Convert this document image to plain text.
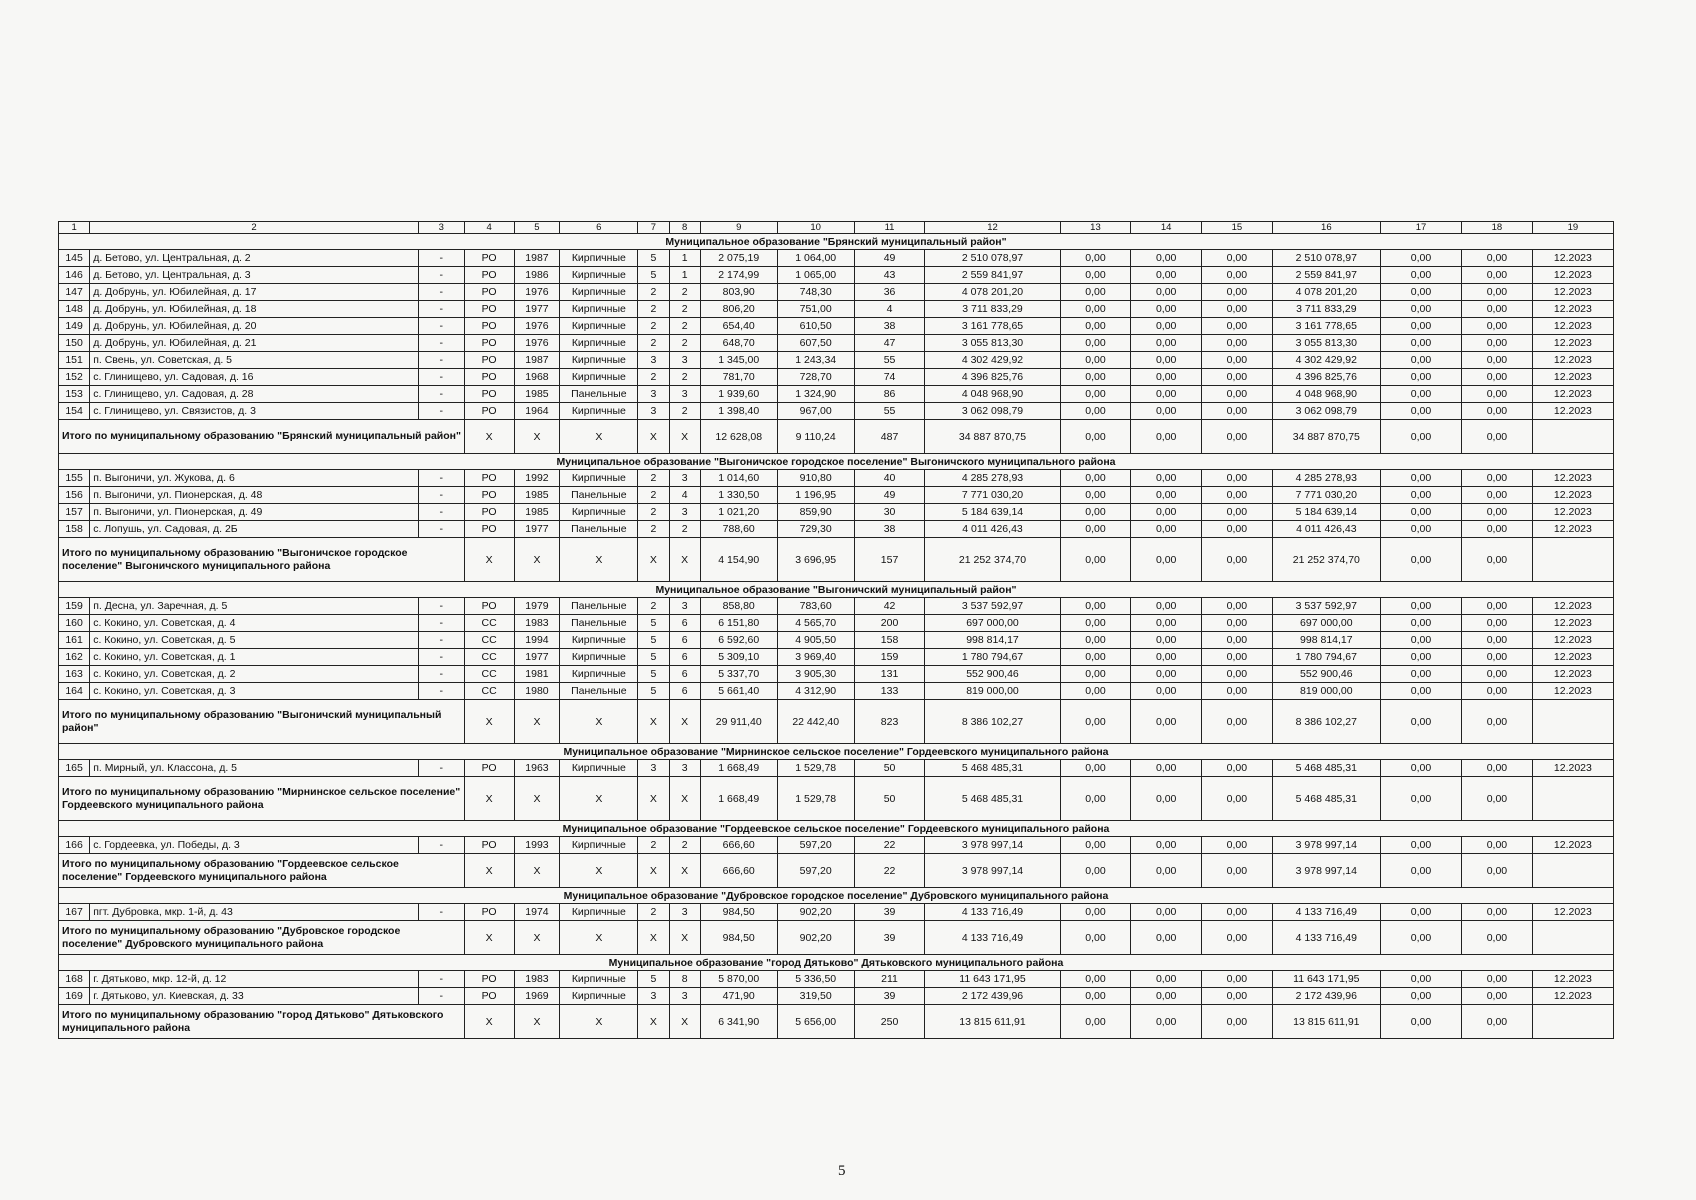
1	2	3	4	5	6	7	8	9	10	11	12	13	14	15	16	17	18	19
Муниципальное образование "Брянский муниципальный район"																		
145	д. Бетово, ул. Центральная, д. 2	-	РО	1987	Кирпичные	5	1	2 075,19	1 064,00	49	2 510 078,97	0,00	0,00	0,00	2 510 078,97	0,00	0,00	12.2023
146	д. Бетово, ул. Центральная, д. 3	-	РО	1986	Кирпичные	5	1	2 174,99	1 065,00	43	2 559 841,97	0,00	0,00	0,00	2 559 841,97	0,00	0,00	12.2023
147	д. Добрунь, ул. Юбилейная, д. 17	-	РО	1976	Кирпичные	2	2	803,90	748,30	36	4 078 201,20	0,00	0,00	0,00	4 078 201,20	0,00	0,00	12.2023
148	д. Добрунь, ул. Юбилейная, д. 18	-	РО	1977	Кирпичные	2	2	806,20	751,00	4	3 711 833,29	0,00	0,00	0,00	3 711 833,29	0,00	0,00	12.2023
149	д. Добрунь, ул. Юбилейная, д. 20	-	РО	1976	Кирпичные	2	2	654,40	610,50	38	3 161 778,65	0,00	0,00	0,00	3 161 778,65	0,00	0,00	12.2023
150	д. Добрунь, ул. Юбилейная, д. 21	-	РО	1976	Кирпичные	2	2	648,70	607,50	47	3 055 813,30	0,00	0,00	0,00	3 055 813,30	0,00	0,00	12.2023
151	п. Свень, ул. Советская, д. 5	-	РО	1987	Кирпичные	3	3	1 345,00	1 243,34	55	4 302 429,92	0,00	0,00	0,00	4 302 429,92	0,00	0,00	12.2023
152	с. Глинищево, ул. Садовая, д. 16	-	РО	1968	Кирпичные	2	2	781,70	728,70	74	4 396 825,76	0,00	0,00	0,00	4 396 825,76	0,00	0,00	12.2023
153	с. Глинищево, ул. Садовая, д. 28	-	РО	1985	Панельные	3	3	1 939,60	1 324,90	86	4 048 968,90	0,00	0,00	0,00	4 048 968,90	0,00	0,00	12.2023
154	с. Глинищево, ул. Связистов, д. 3	-	РО	1964	Кирпичные	3	2	1 398,40	967,00	55	3 062 098,79	0,00	0,00	0,00	3 062 098,79	0,00	0,00	12.2023
Итого по муниципальному образованию "Брянский муниципальный район"			X	X	X	X	X	12 628,08	9 110,24	487	34 887 870,75	0,00	0,00	0,00	34 887 870,75	0,00	0,00	
Муниципальное образование "Выгоничское городское поселение" Выгоничского муниципального района																		
155	п. Выгоничи, ул. Жукова, д. 6	-	РО	1992	Кирпичные	2	3	1 014,60	910,80	40	4 285 278,93	0,00	0,00	0,00	4 285 278,93	0,00	0,00	12.2023
156	п. Выгоничи, ул. Пионерская, д. 48	-	РО	1985	Панельные	2	4	1 330,50	1 196,95	49	7 771 030,20	0,00	0,00	0,00	7 771 030,20	0,00	0,00	12.2023
157	п. Выгоничи, ул. Пионерская, д. 49	-	РО	1985	Кирпичные	2	3	1 021,20	859,90	30	5 184 639,14	0,00	0,00	0,00	5 184 639,14	0,00	0,00	12.2023
158	с. Лопушь, ул. Садовая, д. 2Б	-	РО	1977	Панельные	2	2	788,60	729,30	38	4 011 426,43	0,00	0,00	0,00	4 011 426,43	0,00	0,00	12.2023
Итого по муниципальному образованию "Выгоничское городское поселение" Выгоничского муниципального района			X	X	X	X	X	4 154,90	3 696,95	157	21 252 374,70	0,00	0,00	0,00	21 252 374,70	0,00	0,00	
Муниципальное образование "Выгоничский муниципальный район"																		
159	п. Десна, ул. Заречная, д. 5	-	РО	1979	Панельные	2	3	858,80	783,60	42	3 537 592,97	0,00	0,00	0,00	3 537 592,97	0,00	0,00	12.2023
160	с. Кокино, ул. Советская, д. 4	-	СС	1983	Панельные	5	6	6 151,80	4 565,70	200	697 000,00	0,00	0,00	0,00	697 000,00	0,00	0,00	12.2023
161	с. Кокино, ул. Советская, д. 5	-	СС	1994	Кирпичные	5	6	6 592,60	4 905,50	158	998 814,17	0,00	0,00	0,00	998 814,17	0,00	0,00	12.2023
162	с. Кокино, ул. Советская, д. 1	-	СС	1977	Кирпичные	5	6	5 309,10	3 969,40	159	1 780 794,67	0,00	0,00	0,00	1 780 794,67	0,00	0,00	12.2023
163	с. Кокино, ул. Советская, д. 2	-	СС	1981	Кирпичные	5	6	5 337,70	3 905,30	131	552 900,46	0,00	0,00	0,00	552 900,46	0,00	0,00	12.2023
164	с. Кокино, ул. Советская, д. 3	-	СС	1980	Панельные	5	6	5 661,40	4 312,90	133	819 000,00	0,00	0,00	0,00	819 000,00	0,00	0,00	12.2023
Итого по муниципальному образованию "Выгоничский муниципальный район"			X	X	X	X	X	29 911,40	22 442,40	823	8 386 102,27	0,00	0,00	0,00	8 386 102,27	0,00	0,00	
Муниципальное образование "Мирнинское сельское поселение" Гордеевского муниципального района																		
165	п. Мирный, ул. Классона, д. 5	-	РО	1963	Кирпичные	3	3	1 668,49	1 529,78	50	5 468 485,31	0,00	0,00	0,00	5 468 485,31	0,00	0,00	12.2023
Итого по муниципальному образованию "Мирнинское сельское поселение" Гордеевского муниципального района			X	X	X	X	X	1 668,49	1 529,78	50	5 468 485,31	0,00	0,00	0,00	5 468 485,31	0,00	0,00	
Муниципальное образование "Гордеевское сельское поселение" Гордеевского муниципального района																		
166	с. Гордеевка, ул. Победы, д. 3	-	РО	1993	Кирпичные	2	2	666,60	597,20	22	3 978 997,14	0,00	0,00	0,00	3 978 997,14	0,00	0,00	12.2023
Итого по муниципальному образованию "Гордеевское сельское поселение" Гордеевского муниципального района			X	X	X	X	X	666,60	597,20	22	3 978 997,14	0,00	0,00	0,00	3 978 997,14	0,00	0,00	
Муниципальное образование "Дубровское городское поселение" Дубровского муниципального района																		
167	пгт. Дубровка, мкр. 1-й, д. 43	-	РО	1974	Кирпичные	2	3	984,50	902,20	39	4 133 716,49	0,00	0,00	0,00	4 133 716,49	0,00	0,00	12.2023
Итого по муниципальному образованию "Дубровское городское поселение" Дубровского муниципального района			X	X	X	X	X	984,50	902,20	39	4 133 716,49	0,00	0,00	0,00	4 133 716,49	0,00	0,00	
Муниципальное образование "город Дятьково" Дятьковского муниципального района																		
168	г. Дятьково, мкр. 12-й, д. 12	-	РО	1983	Кирпичные	5	8	5 870,00	5 336,50	211	11 643 171,95	0,00	0,00	0,00	11 643 171,95	0,00	0,00	12.2023
169	г. Дятьково, ул. Киевская, д. 33	-	РО	1969	Кирпичные	3	3	471,90	319,50	39	2 172 439,96	0,00	0,00	0,00	2 172 439,96	0,00	0,00	12.2023
Итого по муниципальному образованию "город Дятьково" Дятьковского муниципального района			X	X	X	X	X	6 341,90	5 656,00	250	13 815 611,91	0,00	0,00	0,00	13 815 611,91	0,00	0,00	
5
